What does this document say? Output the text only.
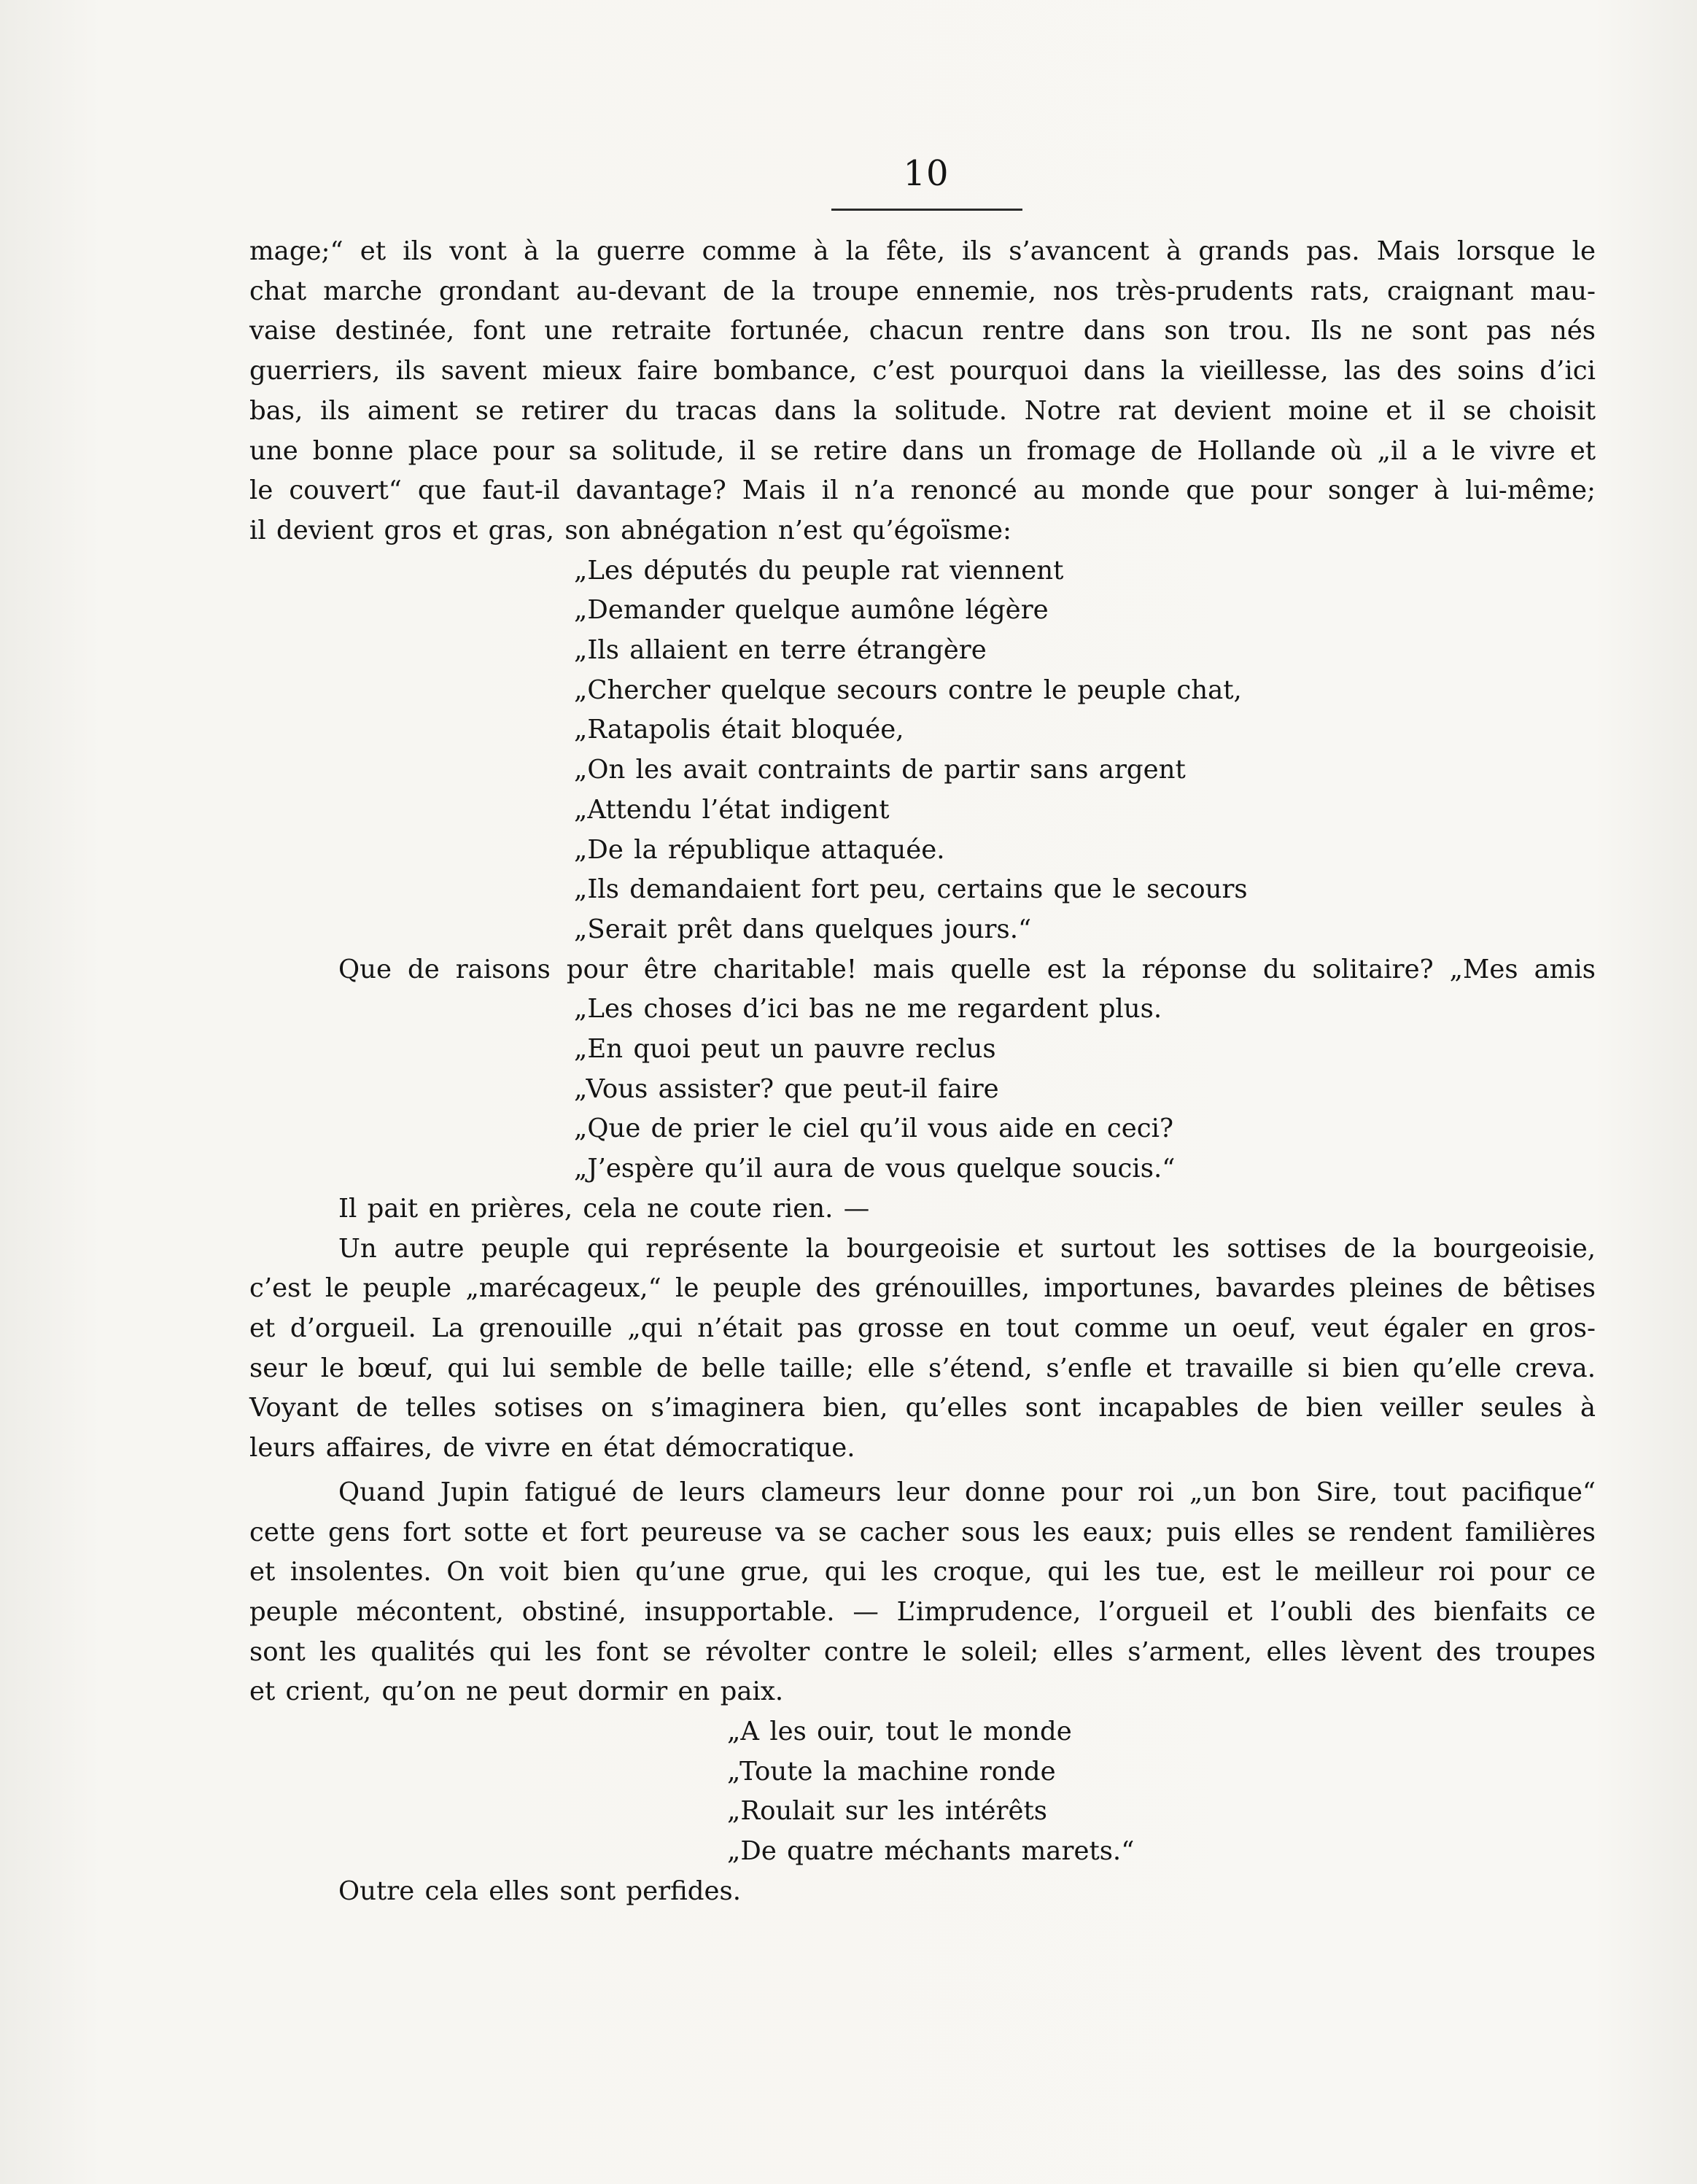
10
mage;“ et ils vont à la guerre comme à la fête, ils s’avancent à grands pas. Mais lorsque le
chat marche grondant au-devant de la troupe ennemie, nos très-prudents rats, craignant mau-
vaise destinée, font une retraite fortunée, chacun rentre dans son trou. Ils ne sont pas nés
guerriers, ils savent mieux faire bombance, c’est pourquoi dans la vieillesse, las des soins d’ici
bas, ils aiment se retirer du tracas dans la solitude. Notre rat devient moine et il se choisit
une bonne place pour sa solitude, il se retire dans un fromage de Hollande où „il a le vivre et
le couvert“ que faut-il davantage? Mais il n’a renoncé au monde que pour songer à lui-même;
il devient gros et gras, son abnégation n’est qu’égoïsme:
„Les députés du peuple rat viennent
„Demander quelque aumône légère
„Ils allaient en terre étrangère
„Chercher quelque secours contre le peuple chat,
„Ratapolis était bloquée,
„On les avait contraints de partir sans argent
„Attendu l’état indigent
„De la république attaquée.
„Ils demandaient fort peu, certains que le secours
„Serait prêt dans quelques jours.“
Que de raisons pour être charitable! mais quelle est la réponse du solitaire? „Mes amis
„Les choses d’ici bas ne me regardent plus.
„En quoi peut un pauvre reclus
„Vous assister? que peut-il faire
„Que de prier le ciel qu’il vous aide en ceci?
„J’espère qu’il aura de vous quelque soucis.“
Il pait en prières, cela ne coute rien. —
Un autre peuple qui représente la bourgeoisie et surtout les sottises de la bourgeoisie,
c’est le peuple „marécageux,“ le peuple des grénouilles, importunes, bavardes pleines de bêtises
et d’orgueil. La grenouille „qui n’était pas grosse en tout comme un oeuf, veut égaler en gros-
seur le bœuf, qui lui semble de belle taille; elle s’étend, s’enfle et travaille si bien qu’elle creva.
Voyant de telles sotises on s’imaginera bien, qu’elles sont incapables de bien veiller seules à
leurs affaires, de vivre en état démocratique.
Quand Jupin fatigué de leurs clameurs leur donne pour roi „un bon Sire, tout pacifique“
cette gens fort sotte et fort peureuse va se cacher sous les eaux; puis elles se rendent familières
et insolentes. On voit bien qu’une grue, qui les croque, qui les tue, est le meilleur roi pour ce
peuple mécontent, obstiné, insupportable. — L’imprudence, l’orgueil et l’oubli des bienfaits ce
sont les qualités qui les font se révolter contre le soleil; elles s’arment, elles lèvent des troupes
et crient, qu’on ne peut dormir en paix.
„A les ouir, tout le monde
„Toute la machine ronde
„Roulait sur les intérêts
„De quatre méchants marets.“
Outre cela elles sont perfides.
